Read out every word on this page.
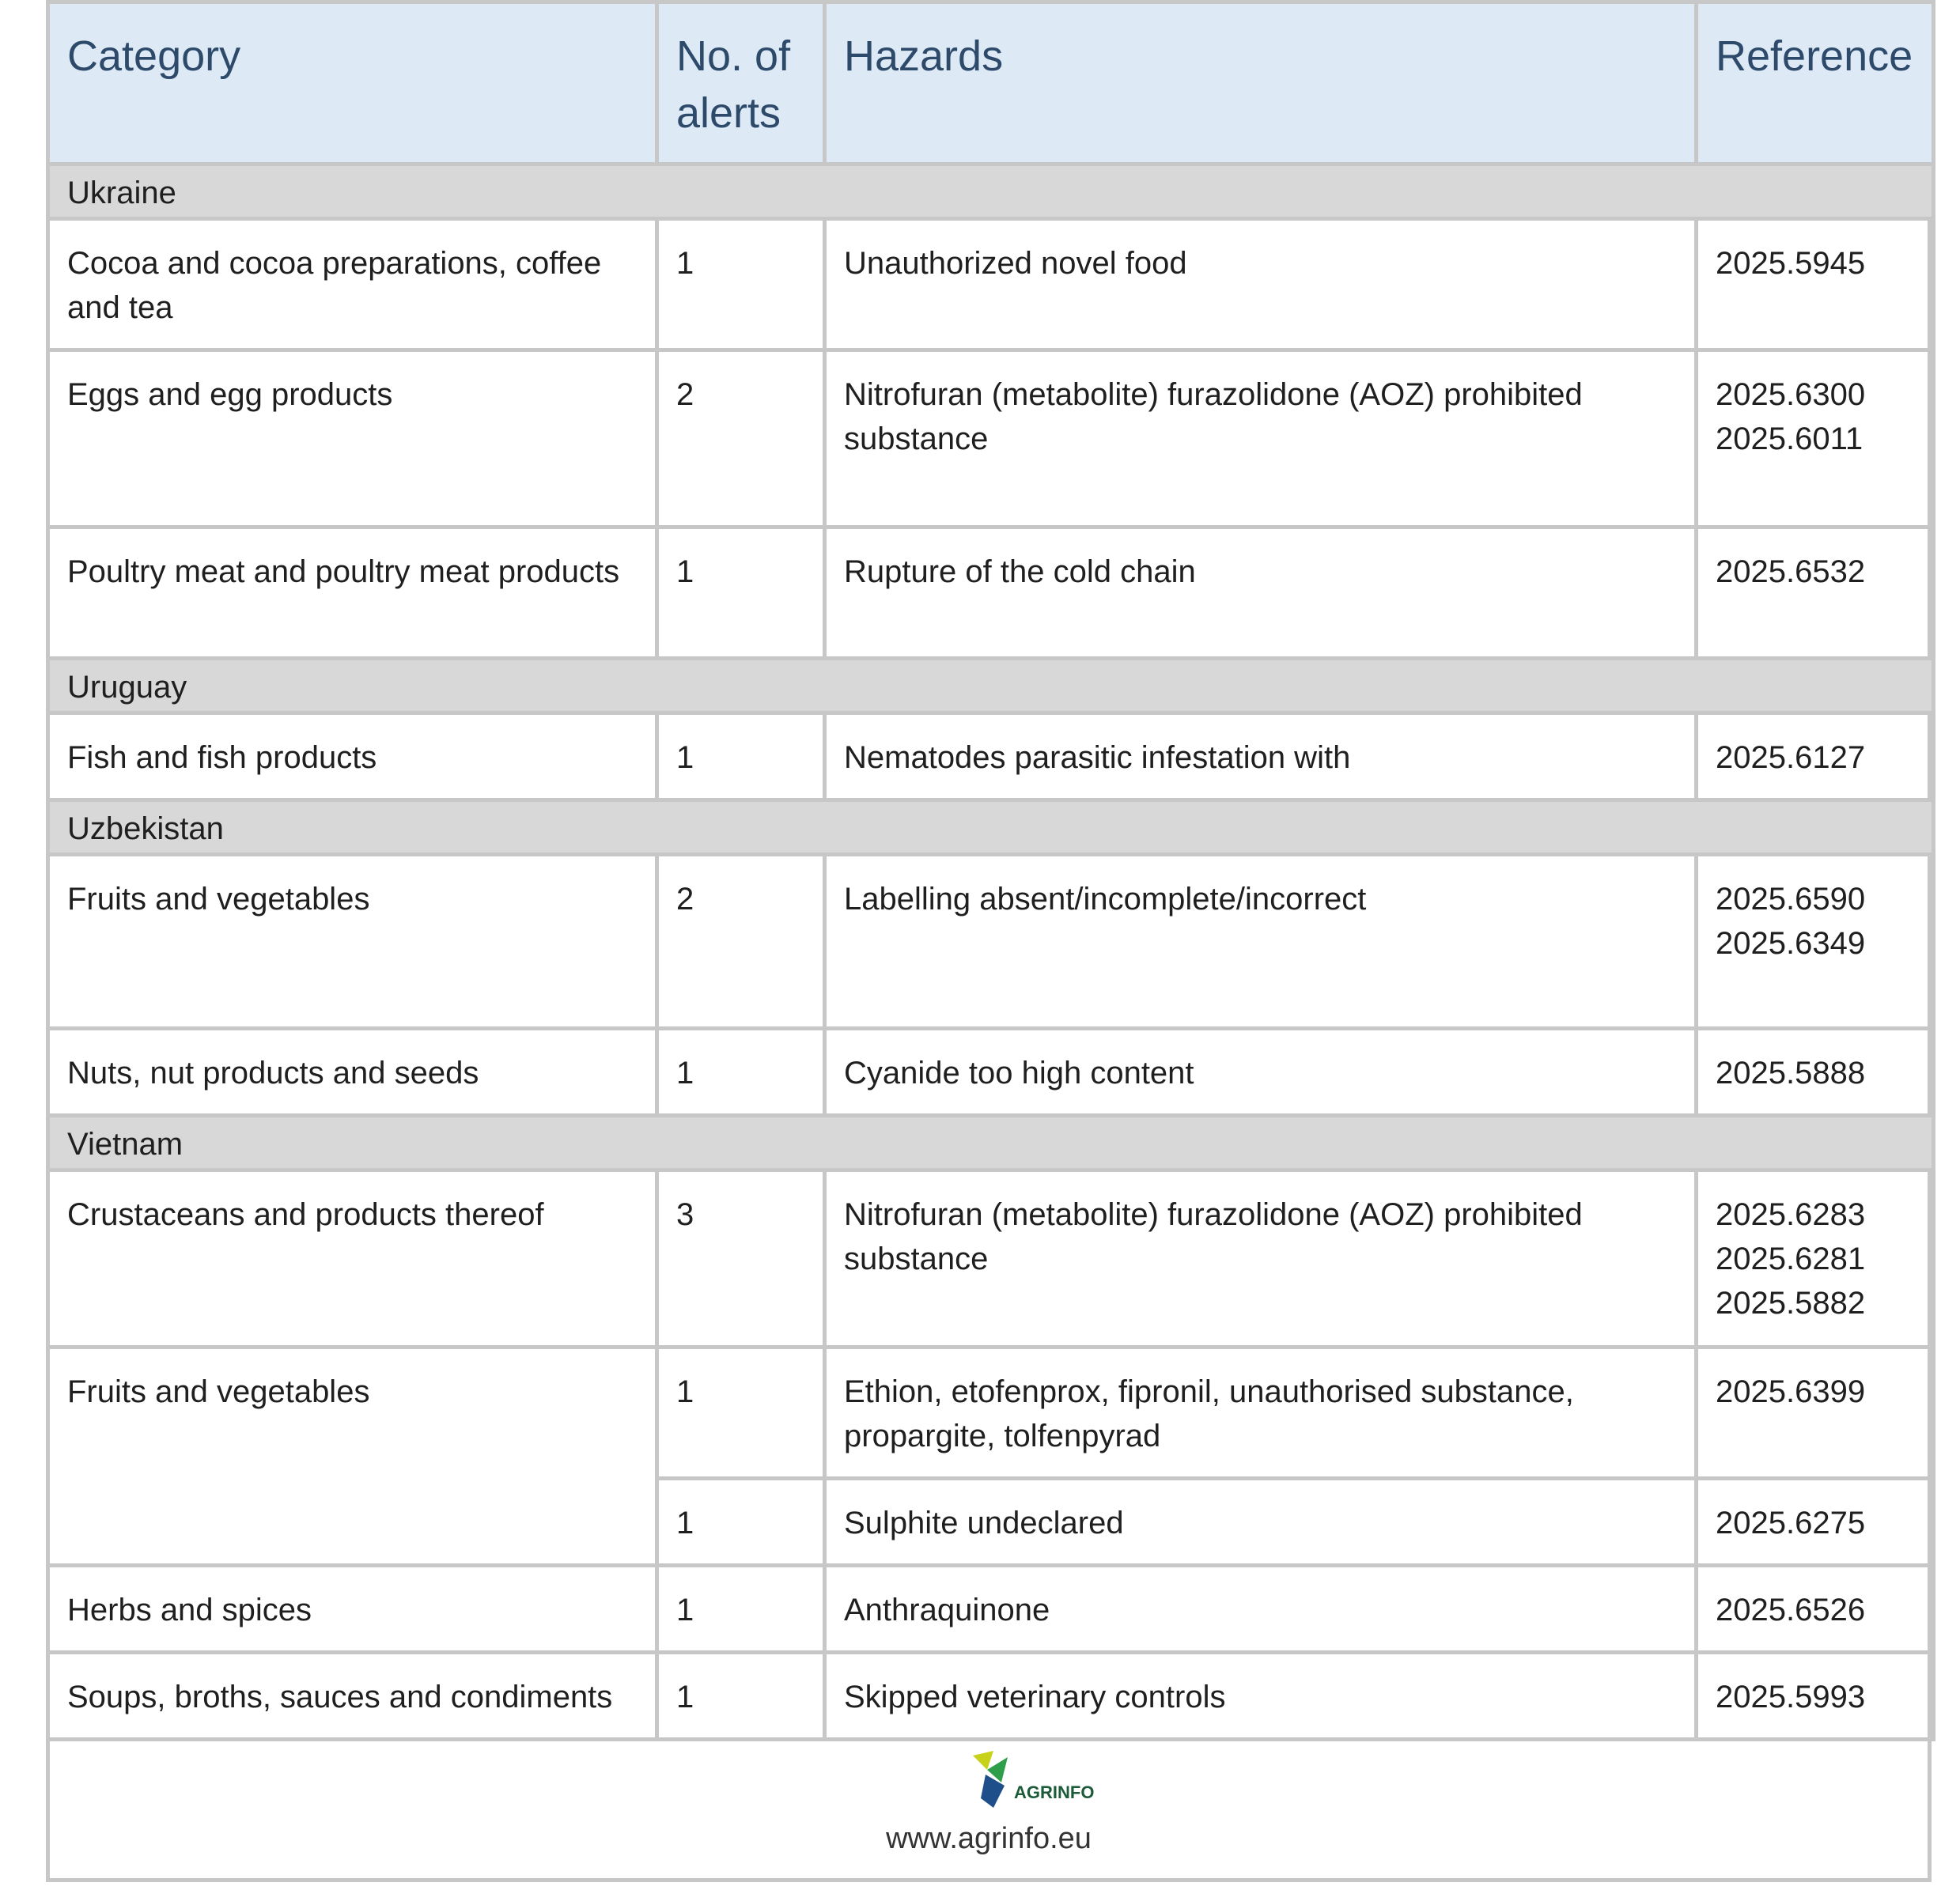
Category	No. of alerts	Hazards	Reference
Ukraine			
Cocoa and cocoa preparations, coffee and tea	1	Unauthorized novel food	2025.5945

Eggs and egg products	2	Nitrofuran (metabolite) furazolidone (AOZ) prohibited substance	2025.6300
2025.6011

Poultry meat and poultry meat products	1	Rupture of the cold chain	2025.6532

Uruguay			
Fish and fish products	1	Nematodes parasitic infestation with	2025.6127

Uzbekistan			
Fruits and vegetables	2	Labelling absent/incomplete/incorrect	2025.6590
2025.6349

Nuts, nut products and seeds	1	Cyanide too high content	2025.5888

Vietnam			
Crustaceans and products thereof	3	Nitrofuran (metabolite) furazolidone (AOZ) prohibited substance	2025.6283
2025.6281
2025.5882

Fruits and vegetables	1	Ethion, etofenprox, fipronil, unauthorised substance, propargite, tolfenpyrad	2025.6399

	1	Sulphite undeclared	2025.6275

Herbs and spices	1	Anthraquinone	2025.6526

Soups, broths, sauces and condiments	1	Skipped veterinary controls	2025.5993
AGRINFO
www.agrinfo.eu
